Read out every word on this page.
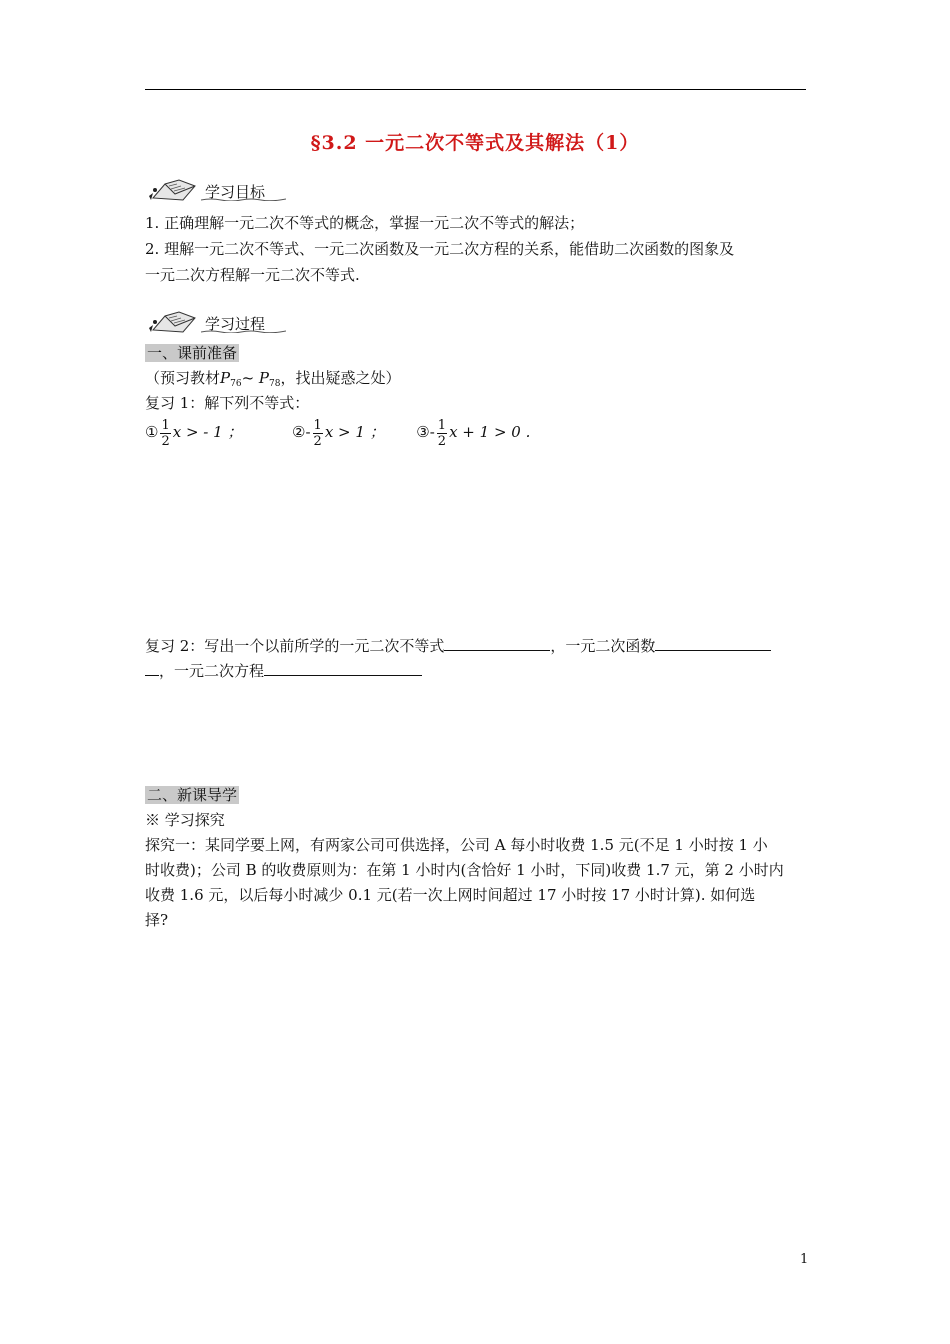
§3.2 一元二次不等式及其解法（1）
学习目标
1. 正确理解一元二次不等式的概念，掌握一元二次不等式的解法；
2. 理解一元二次不等式、一元二次函数及一元二次方程的关系，能借助二次函数的图象及
一元二次方程解一元二次不等式.
学习过程
一、课前准备
（预习教材$P_{76}\sim$ $P_{78}$，找出疑惑之处）
复习 1：解下列不等式：
① $\frac{1}{2}$ x > - 1 ；	②- $\frac{1}{2}$ x > 1 ； ③- $\frac{1}{2}$ x + 1 > 0 .
复习 2：写出一个以前所学的一元二次不等式	，一元二次函数
，一元二次方程
二、新课导学
※ 学习探究
探究一：某同学要上网，有两家公司可供选择，公司 A 每小时收费 1.5 元(不足 1 小时按 1 小
时收费)；公司 B 的收费原则为：在第 1 小时内(含恰好 1 小时，下同)收费 1.7 元，第 2 小时内
收费 1.6 元，以后每小时减少 0.1 元(若一次上网时间超过 17 小时按 17 小时计算). 如何选
择?
1
